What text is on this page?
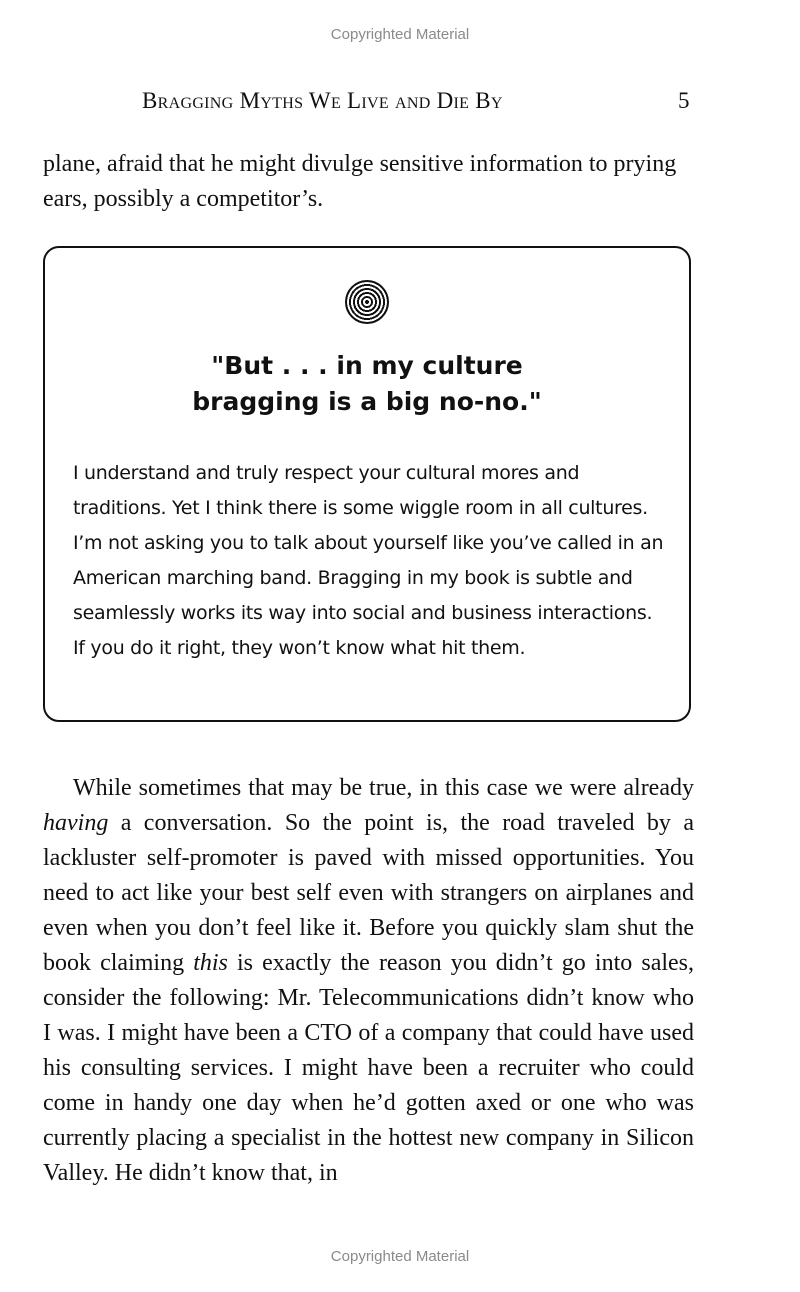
Copyrighted Material
Bragging Myths We Live and Die By	5

plane, afraid that he might divulge sensitive information to prying ears, possibly a competitor’s.

"But . . . in my culture
bragging is a big no-no."

I understand and truly respect your cultural mores and traditions. Yet I think there is some wiggle room in all cultures. I’m not asking you to talk about yourself like you’ve called in an American marching band. Bragging in my book is subtle and seamlessly works its way into social and business interactions. If you do it right, they won’t know what hit them.

While sometimes that may be true, in this case we were already having a conversation. So the point is, the road traveled by a lackluster self-promoter is paved with missed opportunities. You need to act like your best self even with strangers on airplanes and even when you don’t feel like it. Before you quickly slam shut the book claiming this is exactly the reason you didn’t go into sales, consider the following: Mr. Telecommunications didn’t know who I was. I might have been a CTO of a company that could have used his consulting services. I might have been a recruiter who could come in handy one day when he’d gotten axed or one who was currently placing a specialist in the hottest new company in Silicon Valley. He didn’t know that, in

Copyrighted Material
